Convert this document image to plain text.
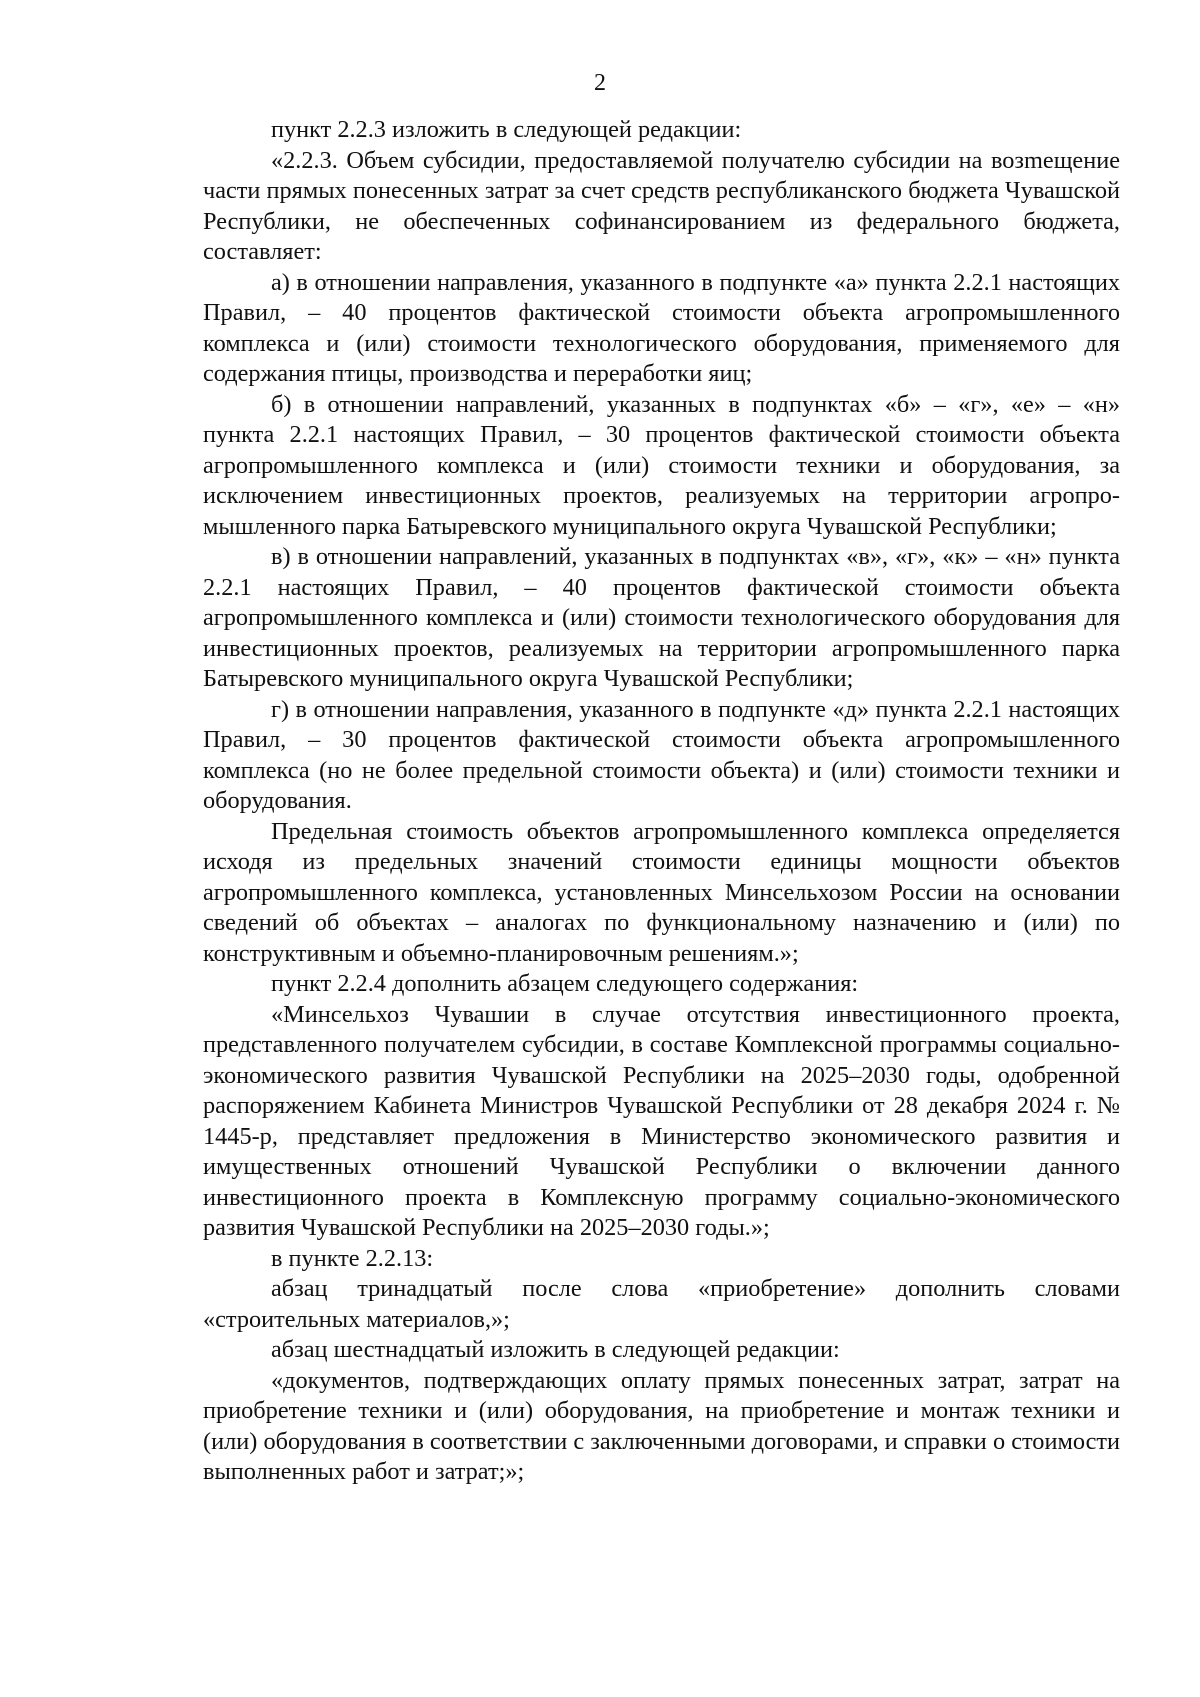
2

пункт 2.2.3 изложить в следующей редакции:

«2.2.3. Объем субсидии, предоставляемой получателю субсидии на возmещение части прямых понесенных затрат за счет средств республиканского бюджета Чувашской Республики, не обеспеченных софинансированием из федерального бюджета, составляет:

а) в отношении направления, указанного в подпункте «а» пункта 2.2.1 настоящих Правил, – 40 процентов фактической стоимости объекта агропромышленного комплекса и (или) стоимости технологического оборудования, применяемого для содержания птицы, производства и переработки яиц;

б) в отношении направлений, указанных в подпунктах «б» – «г», «е» – «н» пункта 2.2.1 настоящих Правил, – 30 процентов фактической стоимости объекта агропромышленного комплекса и (или) стоимости техники и оборудования, за исключением инвестиционных проектов, реализуемых на территории агропромышленного парка Батыревского муниципального округа Чувашской Республики;

в) в отношении направлений, указанных в подпунктах «в», «г», «к» – «н» пункта 2.2.1 настоящих Правил, – 40 процентов фактической стоимости объекта агропромышленного комплекса и (или) стоимости технологического оборудования для инвестиционных проектов, реализуемых на территории агропромышленного парка Батыревского муниципального округа Чувашской Республики;

г) в отношении направления, указанного в подпункте «д» пункта 2.2.1 настоящих Правил, – 30 процентов фактической стоимости объекта агропромышленного комплекса (но не более предельной стоимости объекта) и (или) стоимости техники и оборудования.

Предельная стоимость объектов агропромышленного комплекса определяется исходя из предельных значений стоимости единицы мощности объектов агропромышленного комплекса, установленных Минсельхозом России на основании сведений об объектах – аналогах по функциональному назначению и (или) по конструктивным и объемно-планировочным решениям.»;

пункт 2.2.4 дополнить абзацем следующего содержания:

«Минсельхоз Чувашии в случае отсутствия инвестиционного проекта, представленного получателем субсидии, в составе Комплексной программы социально-экономического развития Чувашской Республики на 2025–2030 годы, одобренной распоряжением Кабинета Министров Чувашской Республики от 28 декабря 2024 г. № 1445-р, представляет предложения в Министерство экономического развития и имущественных отношений Чувашской Республики о включении данного инвестиционного проекта в Комплексную программу социально-экономического развития Чувашской Республики на 2025–2030 годы.»;

в пункте 2.2.13:

абзац тринадцатый после слова «приобретение» дополнить словами «строительных материалов,»;

абзац шестнадцатый изложить в следующей редакции:

«документов, подтверждающих оплату прямых понесенных затрат, затрат на приобретение техники и (или) оборудования, на приобретение и монтаж техники и (или) оборудования в соответствии с заключенными договорами, и справки о стоимости выполненных работ и затрат;»;
